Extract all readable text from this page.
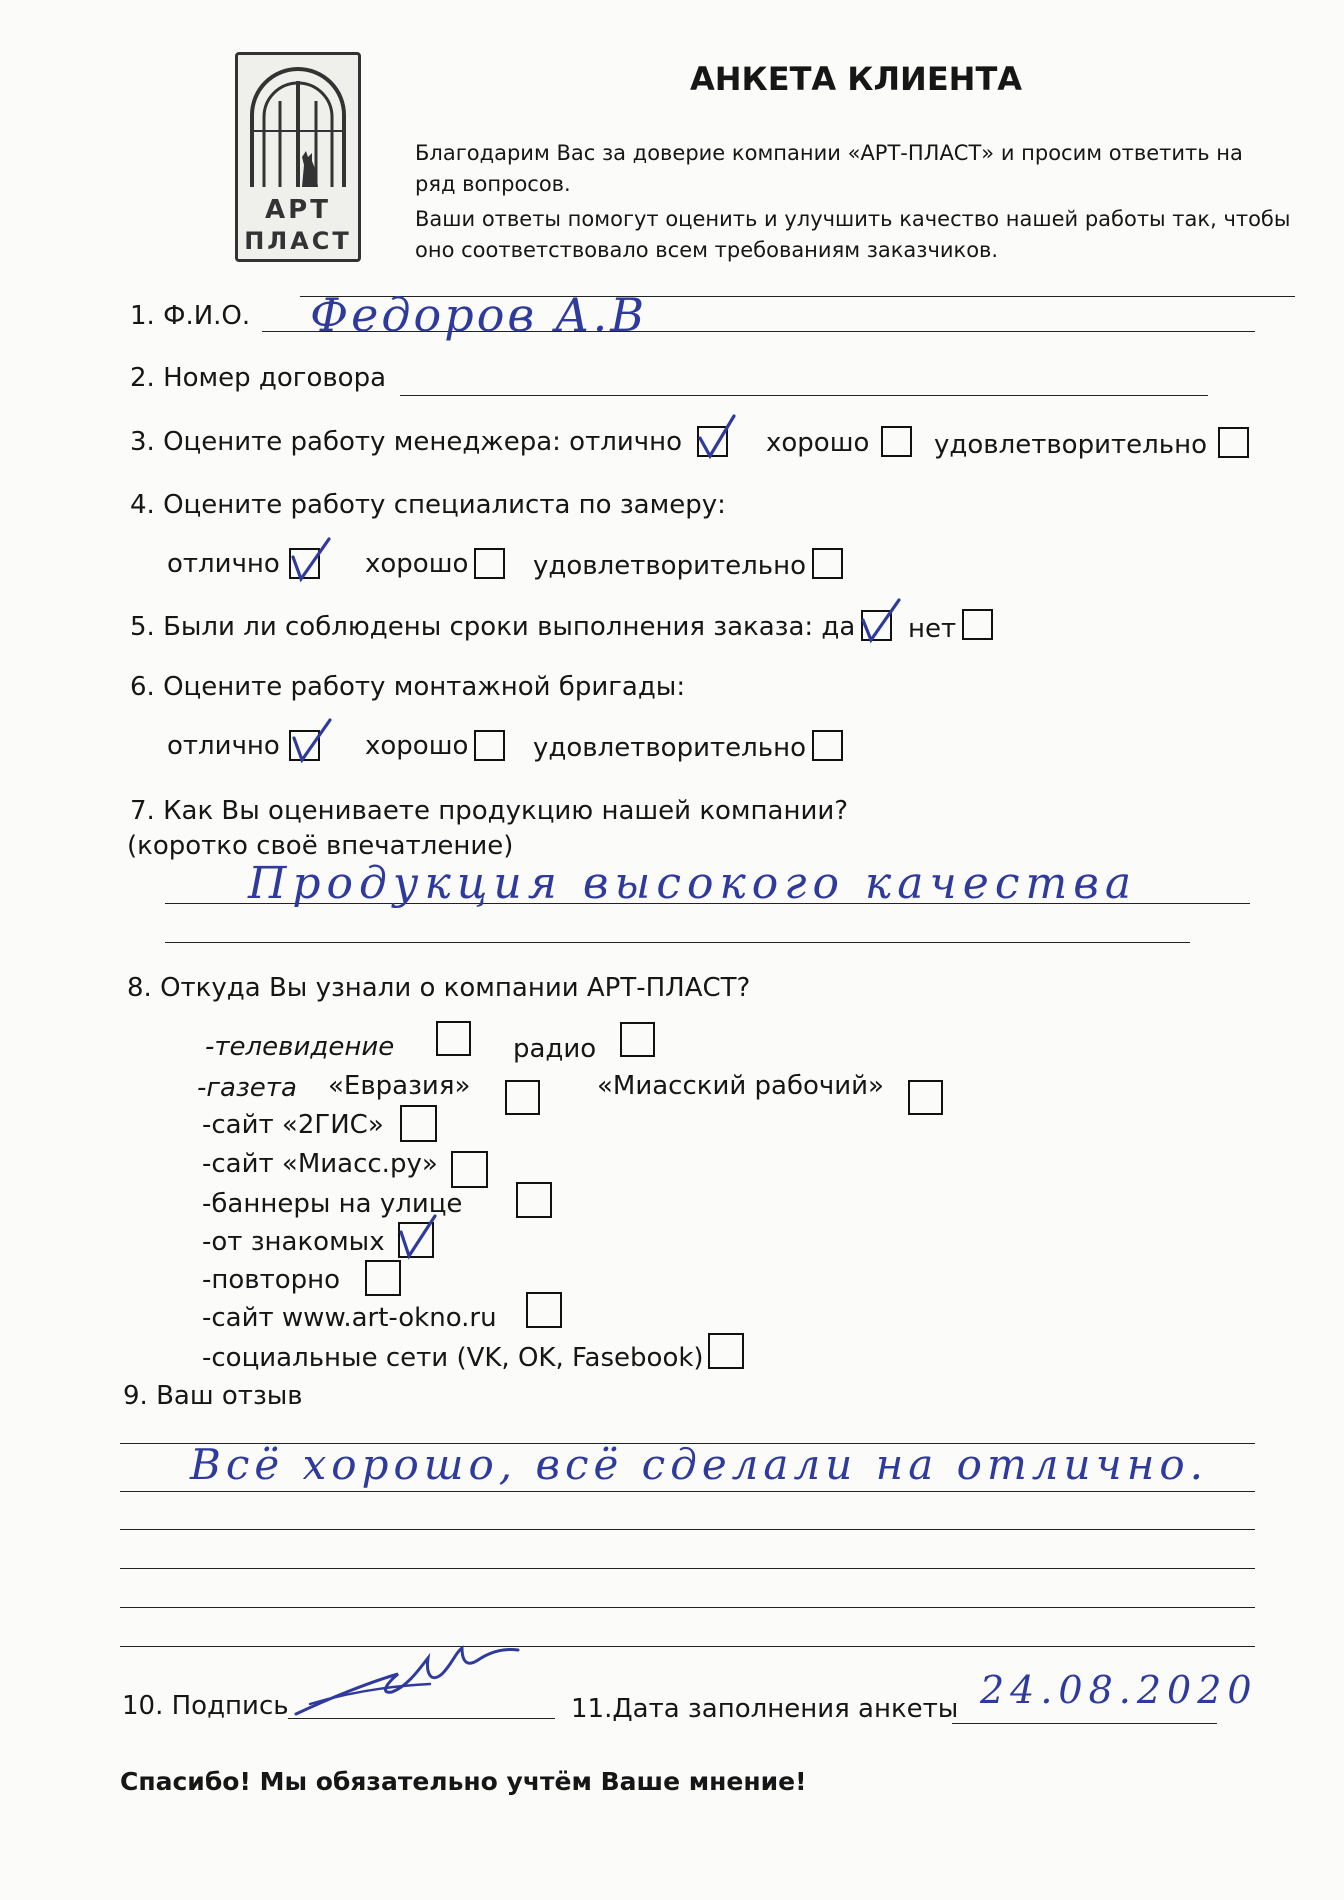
АРТ
ПЛАСТ
АНКЕТА КЛИЕНТА
Благодарим Вас за доверие компании «АРТ-ПЛАСТ» и просим ответить на
ряд вопросов.
Ваши ответы помогут оценить и улучшить качество нашей работы так, чтобы
оно соответствовало всем требованиям заказчиков.
1. Ф.И.О. Федоров А.В
2. Номер договора
3. Оцените работу менеджера: отлично	хорошо удовлетворительно
4. Оцените работу специалиста по замеру:
отлично	хорошо удовлетворительно
5. Были ли соблюдены сроки выполнения заказа: да нет
6. Оцените работу монтажной бригады:
отлично	хорошо удовлетворительно
7. Как Вы оцениваете продукцию нашей компании?
(коротко своё впечатление)
Продукция высокого качества
8. Откуда Вы узнали о компании АРТ-ПЛАСТ?
-телевидение	радио
-газета «Евразия»	«Миасский рабочий»
-сайт «2ГИС»
-сайт «Миасс.ру»
-баннеры на улице
-от знакомых
-повторно
-сайт www.art-okno.ru
-социальные сети (VK, OK, Fasebook)
9. Ваш отзыв
Всё хорошо, всё сделали на отлично.
10. Подпись	11.Дата заполнения анкеты 24.08.2020
Спасибо! Мы обязательно учтём Ваше мнение!
